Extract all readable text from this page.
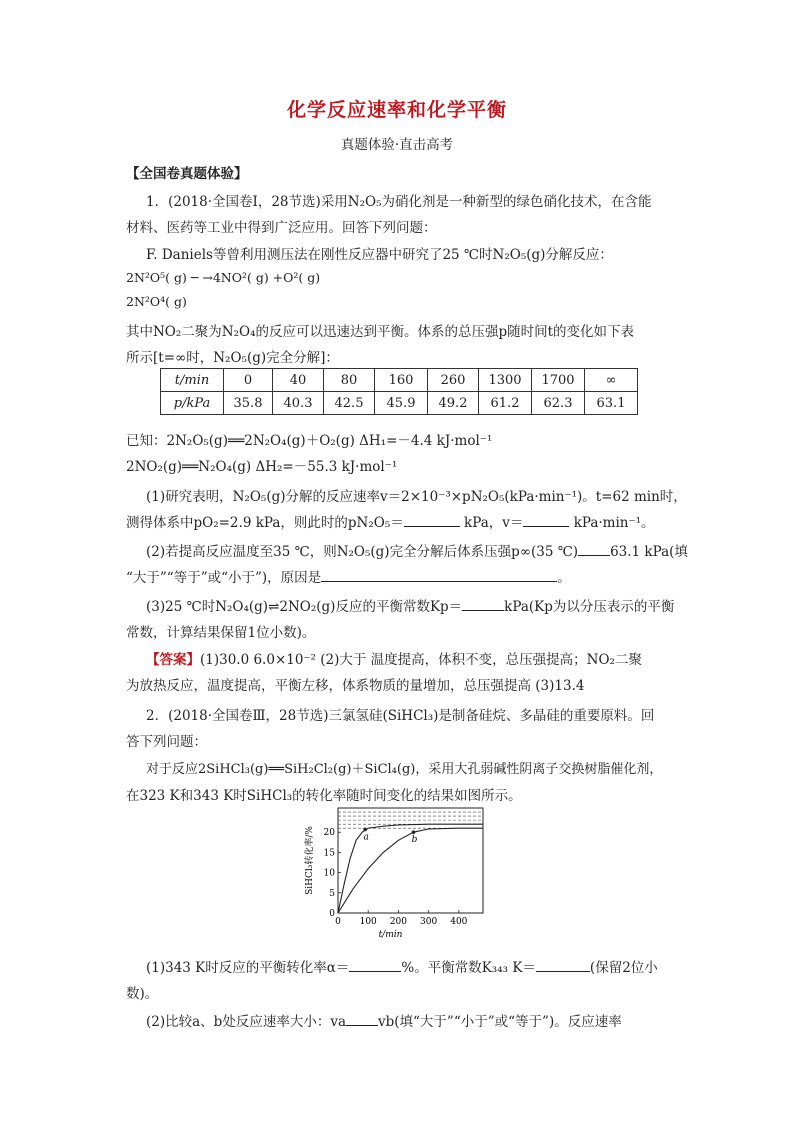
化学反应速率和化学平衡
真题体验·直击高考
【全国卷真题体验】
1．(2018·全国卷Ⅰ，28节选)采用N₂O₅为硝化剂是一种新型的绿色硝化技术，在含能
材料、医药等工业中得到广泛应用。回答下列问题：
F. Daniels等曾利用测压法在刚性反应器中研究了25 ℃时N₂O₅(g)分解反应：
2N²O⁵( g) ─ →4NO²( g) +O²( g)
2N²O⁴( g)
其中NO₂二聚为N₂O₄的反应可以迅速达到平衡。体系的总压强p随时间t的变化如下表
所示[t=∞时，N₂O₅(g)完全分解]：
t/min	0	40	80	160	260	1300	1700	∞
p/kPa	35.8	40.3	42.5	45.9	49.2	61.2	62.3	63.1
已知：2N₂O₅(g)══2N₂O₄(g)＋O₂(g) ΔH₁=－4.4 kJ·mol⁻¹
2NO₂(g)══N₂O₄(g) ΔH₂=－55.3 kJ·mol⁻¹
(1)研究表明，N₂O₅(g)分解的反应速率v＝2×10⁻³×pN₂O₅(kPa·min⁻¹)。t=62 min时，
测得体系中pO₂=2.9 kPa，则此时的pN₂O₅＝	kPa，v＝	kPa·min⁻¹。
(2)若提高反应温度至35 ℃，则N₂O₅(g)完全分解后体系压强p∞(35 ℃) 63.1 kPa(填
“大于”“等于”或“小于”)，原因是	。
(3)25 ℃时N₂O₄(g)⇌2NO₂(g)反应的平衡常数Kp＝	kPa(Kp为以分压表示的平衡
常数，计算结果保留1位小数)。
【答案】(1)30.0 6.0×10⁻² (2)大于 温度提高，体积不变，总压强提高；NO₂二聚
为放热反应，温度提高，平衡左移，体系物质的量增加，总压强提高 (3)13.4
2．(2018·全国卷Ⅲ，28节选)三氯氢硅(SiHCl₃)是制备硅烷、多晶硅的重要原料。回
答下列问题：
对于反应2SiHCl₃(g)══SiH₂Cl₂(g)＋SiCl₄(g)，采用大孔弱碱性阴离子交换树脂催化剂，
在323 K和343 K时SiHCl₃的转化率随时间变化的结果如图所示。
0 100 200 300 400
0
5
10
15
20	a	b
t/min
SiHCl₃转化率/%
(1)343 K时反应的平衡转化率α＝	%。平衡常数K₃₄₃ K＝	(保留2位小
数)。
(2)比较a、b处反应速率大小：va vb(填“大于”“小于”或“等于”)。反应速率
